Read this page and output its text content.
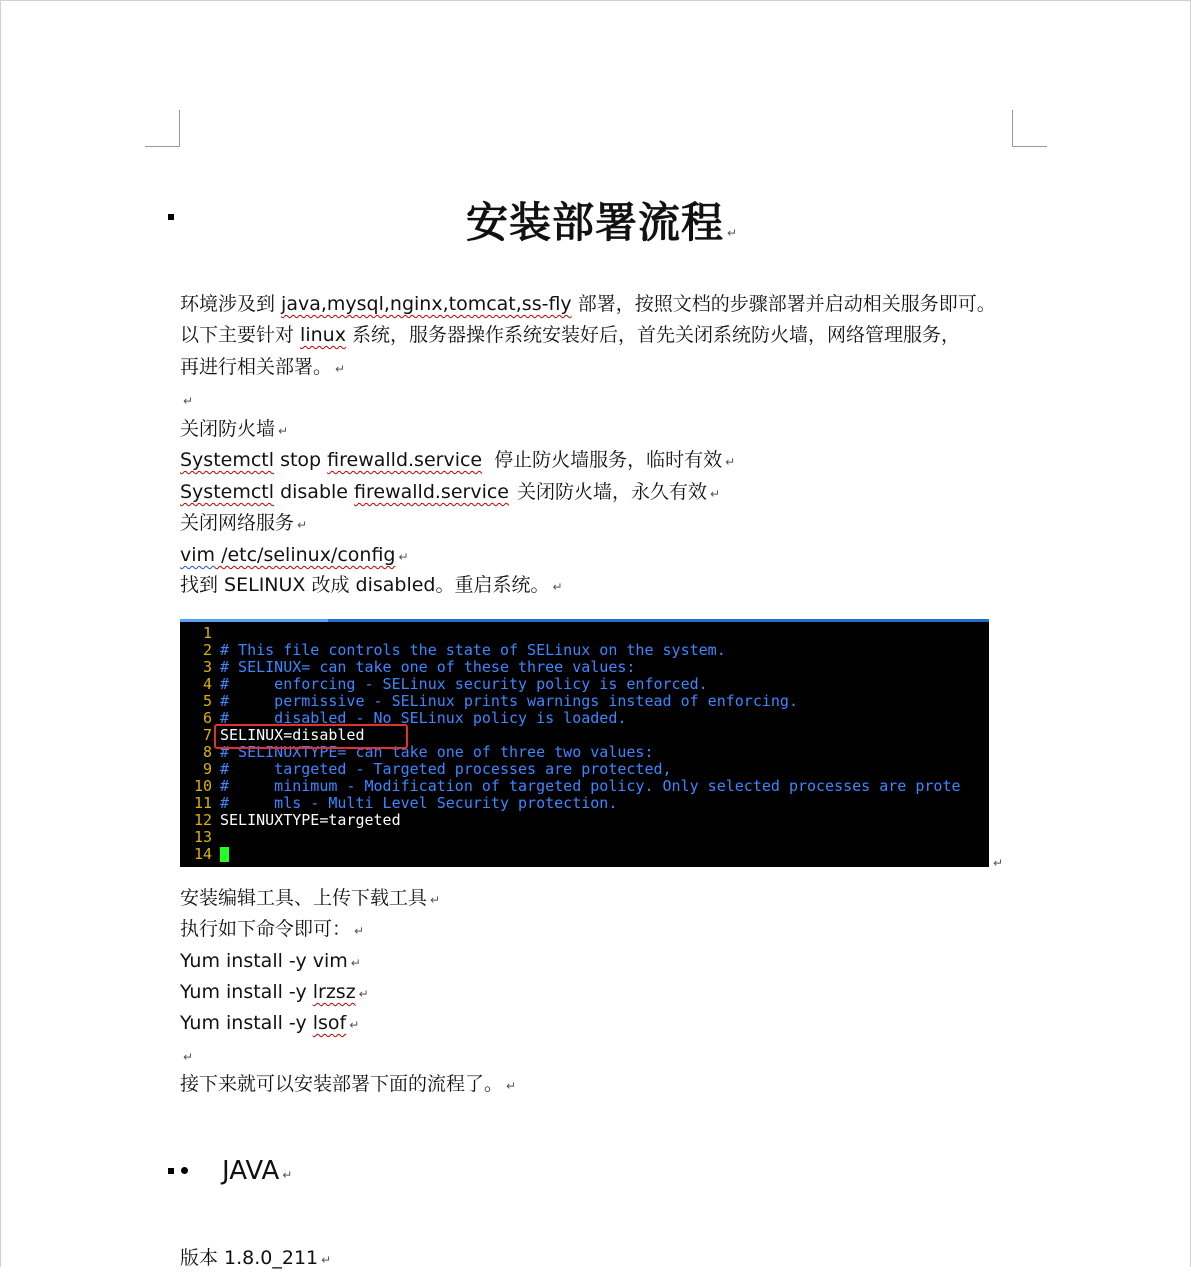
安装部署流程 ↵
环境涉及到 java,mysql,nginx,tomcat,ss-fly 部署，按照文档的步骤部署并启动相关服务即可。
以下主要针对 linux 系统，服务器操作系统安装好后，首先关闭系统防火墙，网络管理服务，
再进行相关部署。 ↵
↵
关闭防火墙 ↵
Systemctl stop firewalld.service 停止防火墙服务，临时有效 ↵
Systemctl disable firewalld.service 关闭防火墙，永久有效 ↵
关闭网络服务 ↵
vim /etc/selinux/config ↵
找到 SELINUX 改成 disabled。重启系统。 ↵
1
2 # This file controls the state of SELinux on the system.
3 # SELINUX= can take one of these three values:
4 #     enforcing - SELinux security policy is enforced.
5 #     permissive - SELinux prints warnings instead of enforcing.
6 #     disabled - No SELinux policy is loaded.
7 SELINUX=disabled
8 # SELINUXTYPE= can take one of three two values:
9 #     targeted - Targeted processes are protected,
10 #     minimum - Modification of targeted policy. Only selected processes are prote
11 #     mls - Multi Level Security protection.
12 SELINUXTYPE=targeted
13
14	↵
安装编辑工具、上传下载工具 ↵
执行如下命令即可： ↵
Yum install -y vim ↵
Yum install -y lrzsz ↵
Yum install -y lsof ↵
↵
接下来就可以安装部署下面的流程了。 ↵
JAVA ↵
版本 1.8.0_211 ↵
